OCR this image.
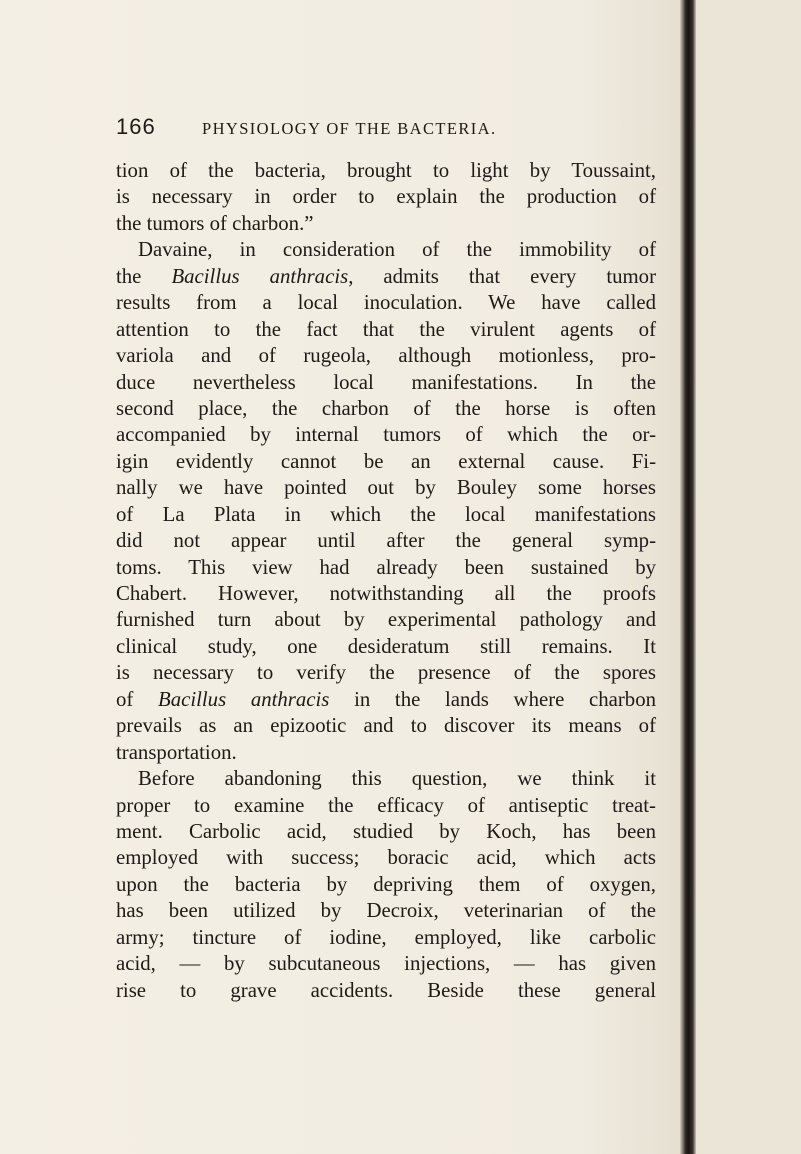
166	PHYSIOLOGY OF THE BACTERIA.
tion of the bacteria, brought to light by Toussaint,
is necessary in order to explain the production of
the tumors of charbon.”
Davaine, in consideration of the immobility of
the Bacillus anthracis, admits that every tumor
results from a local inoculation. We have called
attention to the fact that the virulent agents of
variola and of rugeola, although motionless, pro-
duce nevertheless local manifestations. In the
second place, the charbon of the horse is often
accompanied by internal tumors of which the or-
igin evidently cannot be an external cause. Fi-
nally we have pointed out by Bouley some horses
of La Plata in which the local manifestations
did not appear until after the general symp-
toms. This view had already been sustained by
Chabert. However, notwithstanding all the proofs
furnished turn about by experimental pathology and
clinical study, one desideratum still remains. It
is necessary to verify the presence of the spores
of Bacillus anthracis in the lands where charbon
prevails as an epizootic and to discover its means of
transportation.
Before abandoning this question, we think it
proper to examine the efficacy of antiseptic treat-
ment. Carbolic acid, studied by Koch, has been
employed with success; boracic acid, which acts
upon the bacteria by depriving them of oxygen,
has been utilized by Decroix, veterinarian of the
army; tincture of iodine, employed, like carbolic
acid, — by subcutaneous injections, — has given
rise to grave accidents. Beside these general
